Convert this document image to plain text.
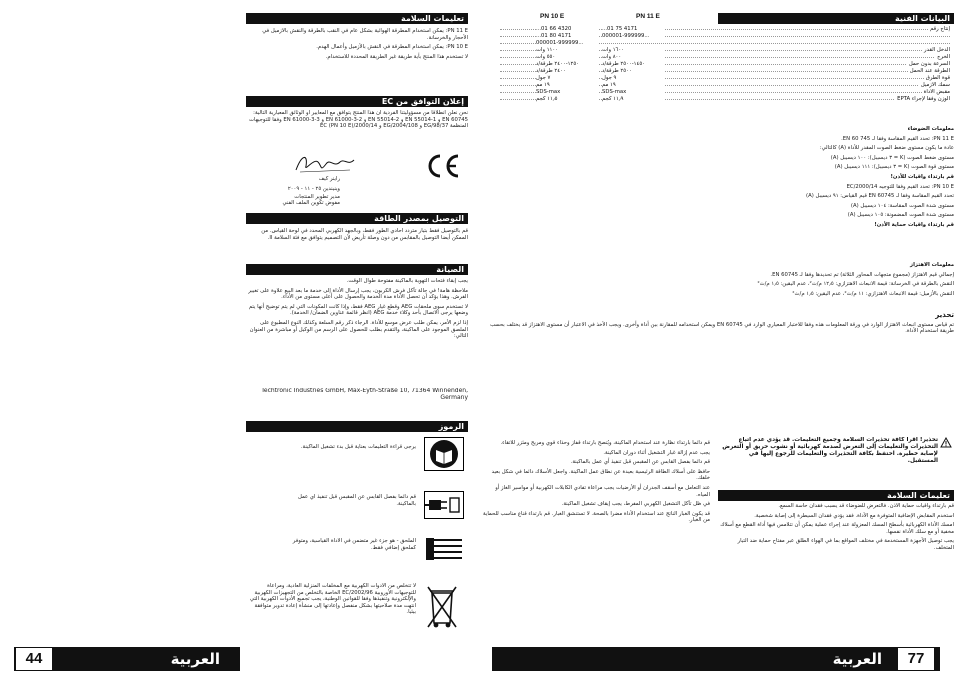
تعليمات السلامة

PN 11 E: يمكن استخدام المطرقة الهوائية بشكل عام في النقب بالطرقة والنقش بالأزميل في الأحجار والخرسانة.

PN 10 E: يمكن استخدام المطرقة في النقش بالأزميل وأعمال الهدم.

لا تستخدم هذا المنتج بأية طريقة غير الطريقة المحددة للاستخدام.

إعلان التوافق من EC
نحن نعلن انطلاقا من مسؤوليتنا الفردية أن هذا المنتج يتوافق مع المعايير أو الوثائق المعيارية التالية: EN 60745 و EN 55014-1 و EN 55014-2 و EN 61000-3-2 و EN 61000-3-3 وفقا للتوجيهات المنظمة 98/37/EG و 2004/108/EG و 2000/14/EC (PN 10 E)
راينر كيف
وينيندين ٢٥ - ١١ - ٢٠٠٩
مدير تطوير المنتجات
مفوض تكوين الملف الفني
التوصيل بمصدر الطاقة
قم بالتوصيل فقط بتيار متردد أحادي الطور فقط، وبالجهد الكهربي المحدد في لوحة القياس. من الممكن أيضا التوصيل بالمقابس من دون وصلة تأريض لأن التصميم يتوافق مع فئة السلامة II.
الصيانة

يجب إبقاء فتحات التهوية بالماكينة مفتوحة طوال الوقت.

ملاحظة هامة! في حالة تآكل فرش الكربون، يجب إرسال الأداة إلى خدمة ما بعد البيع علاوة على تغيير الفرش. وهذا يؤكد أن تحصل الأداة مدة الخدمة والحصول على أعلى مستوى من الأداء.

لا تستخدم سوى ملحقات AEG وقطع غيار AEG فقط، وإذا كانت المكونات التي لم يتم توضيح أنها يتم وضعها يرجى الاتصال بأحد وكلاء خدمة AEG (انظر قائمة عناوين الضمان/ الخدمة).

إذا لزم الأمر، يمكن طلب عرض موسع للأداة. الرجاء ذكر رقم السلعة وكذلك النوع المطبوع على الملصق الموجود على الماكينة، والتقدم بطلب للحصول على الرسم من الوكيل أو مباشرة من العنوان التالي:

Techtronic Industries GmbH, Max-Eyth-Straße 10, 71364 Winnenden, Germany
الرموز
يرجى قراءة التعليمات بعناية قبل بدء تشغيل الماكينة.
قم دائما بفصل القابس عن المقبس قبل تنفيذ أي عمل بالماكينة.
الملحق - هو جزء غير متضمن في الأداة القياسية، ومتوفر كملحق إضافي فقط.
لا تتخلص من الأدوات الكهربية مع المخلفات المنزلية العادية، ومراعاة للتوجيهات الأوروبية 2002/96/EC الخاصة بالتخلص من التجهيزات الكهربية والإلكترونية وتنفيذها وفقا للقوانين الوطنية، يجب تجميع الأدوات الكهربية التي انتهت مدة صلاحيتها بشكل منفصل وإعادتها إلى منشأة إعادة تدوير متوافقة بيئيا.
44	العربية
PN 10 E	PN 11 E	البيانات الفنية
...01 66 4320	...01 75 4171	إنتاج رقم
...01 80 4171	000001-999999...
000001-999999...
١١٠٠ وات	١٦٠٠ وات	الدخل القدر
٥٥٠ وات	٨٠٠ وات	الخرج
١٢٥٠-٢٤٠٠ طرقة/د	١٤٥٠-٢٥٠٠ طرقة/د	السرعة بدون حمل
٢٤٠٠ طرقة/د	٢٥٠٠ طرقة/د	الطرقة عند الحمل
٧ جول	٩ جول	قوة الطرق
١٩ مم	١٩ مم	سمك الأزميل
SDS-max	SDS-max	مقبض الأداة
١١٫٥ كجم	١١٫٩ كجم	الوزن وفقا لإجراء EPTA

معلومات الضوضاء

PN 11 E: تحدد القيم المقاسة وفقا لـ EN 60 745.

عادة ما يكون مستوى ضغط الصوت المقدر للأداة (A) كالتالي:

مستوى ضغط الصوت (K = ٣ ديسيبل): ١٠٠ ديسيبل (A)

مستوى قوة الصوت (K = ٣ ديسيبل): ١١١ ديسيبل (A)

قم بارتداء واقيات للأذن!

PN 10 E: تحدد القيم وفقا للتوجيه 2000/14/EC

تحدد القيم المقاسة وفقا لـ EN 60745 قيم القياس: ٩١ ديسيبل (A)

مستوى شدة الصوت المقاسة: ١٠٤ ديسيبل (A)

مستوى شدة الصوت المضمونة: ١٠٥ ديسيبل (A)

قم بارتداء واقيات حماية الأذن!

معلومات الاهتزاز

إجمالي قيم الاهتزاز (مجموع متجهات المحاور الثلاثة) تم تحديدها وفقا لـ EN 60745.

النقش بالطرقة في الخرسانة: قيمة الانبعاث الاهتزازي: ١٢٫٥ م/ث²، عدم اليقين: ١٫٥ م/ث²

النقش بالأزميل: قيمة الانبعاث الاهتزازي: ١١ م/ث²، عدم اليقين: ١٫٥ م/ث²

تحذير

تم قياس مستوى انبعاث الاهتزاز الوارد في ورقة المعلومات هذه وفقا للاختبار المعياري الوارد في EN 60745 ويمكن استخدامه للمقارنة بين أداة وأخرى. ويجب الأخذ في الاعتبار أن مستوى الاهتزاز قد يختلف بحسب طريقة استخدام الأداة.

تحذير! اقرأ كافة تحذيرات السلامة وجميع التعليمات. قد يؤدي عدم اتباع التحذيرات والتعليمات إلى التعرض لصدمة كهربائية أو نشوب حريق أو التعرض لإصابة خطيرة. احتفظ بكافة التحذيرات والتعليمات للرجوع إليها في المستقبل.
تعليمات السلامة

قم بارتداء واقيات حماية الأذن. فالتعرض للضوضاء قد يسبب فقدان حاسة السمع.

استخدم المقابض الإضافية المتوفرة مع الأداة. فقد يؤدي فقدان السيطرة إلى إصابة شخصية.

امسك الأداة الكهربائية بأسطح المسك المعزولة عند إجراء عملية يمكن أن تتلامس فيها أداة القطع مع أسلاك مخفية أو مع سلك الأداة نفسها.

يجب توصيل الأجهزة المستخدمة في مختلف المواقع بما في الهواء الطلق عبر مفتاح حماية ضد التيار المتخلف.

قم دائما بارتداء نظارة عند استخدام الماكينة، ويُنصح بارتداء قفاز وحذاء قوي ومريح ومئزر للاتقاء.

يجب عدم إزالة غبار التشغيل أثناء دوران الماكينة.

قم دائما بفصل القابس عن المقبس قبل تنفيذ أي عمل بالماكينة.

حافظ على أسلاك الطاقة الرئيسية بعيدة عن نطاق عمل الماكينة. واجعل الأسلاك دائما في شكل بعيد خلفك.

عند التعامل مع أسقف الجدران أو الأرضيات يجب مراعاة تفادي الكابلات الكهربية أو مواسير الغاز أو المياه.

في ظل تآكل التشغيل الكهربي المفرط، يجب إيقاف تشغيل الماكينة.

قد يكون الغبار الناتج عند استخدام الأداة مضرا بالصحة. لا تستنشق الغبار. قم بارتداء قناع مناسب للحماية من الغبار.

العربية	77
